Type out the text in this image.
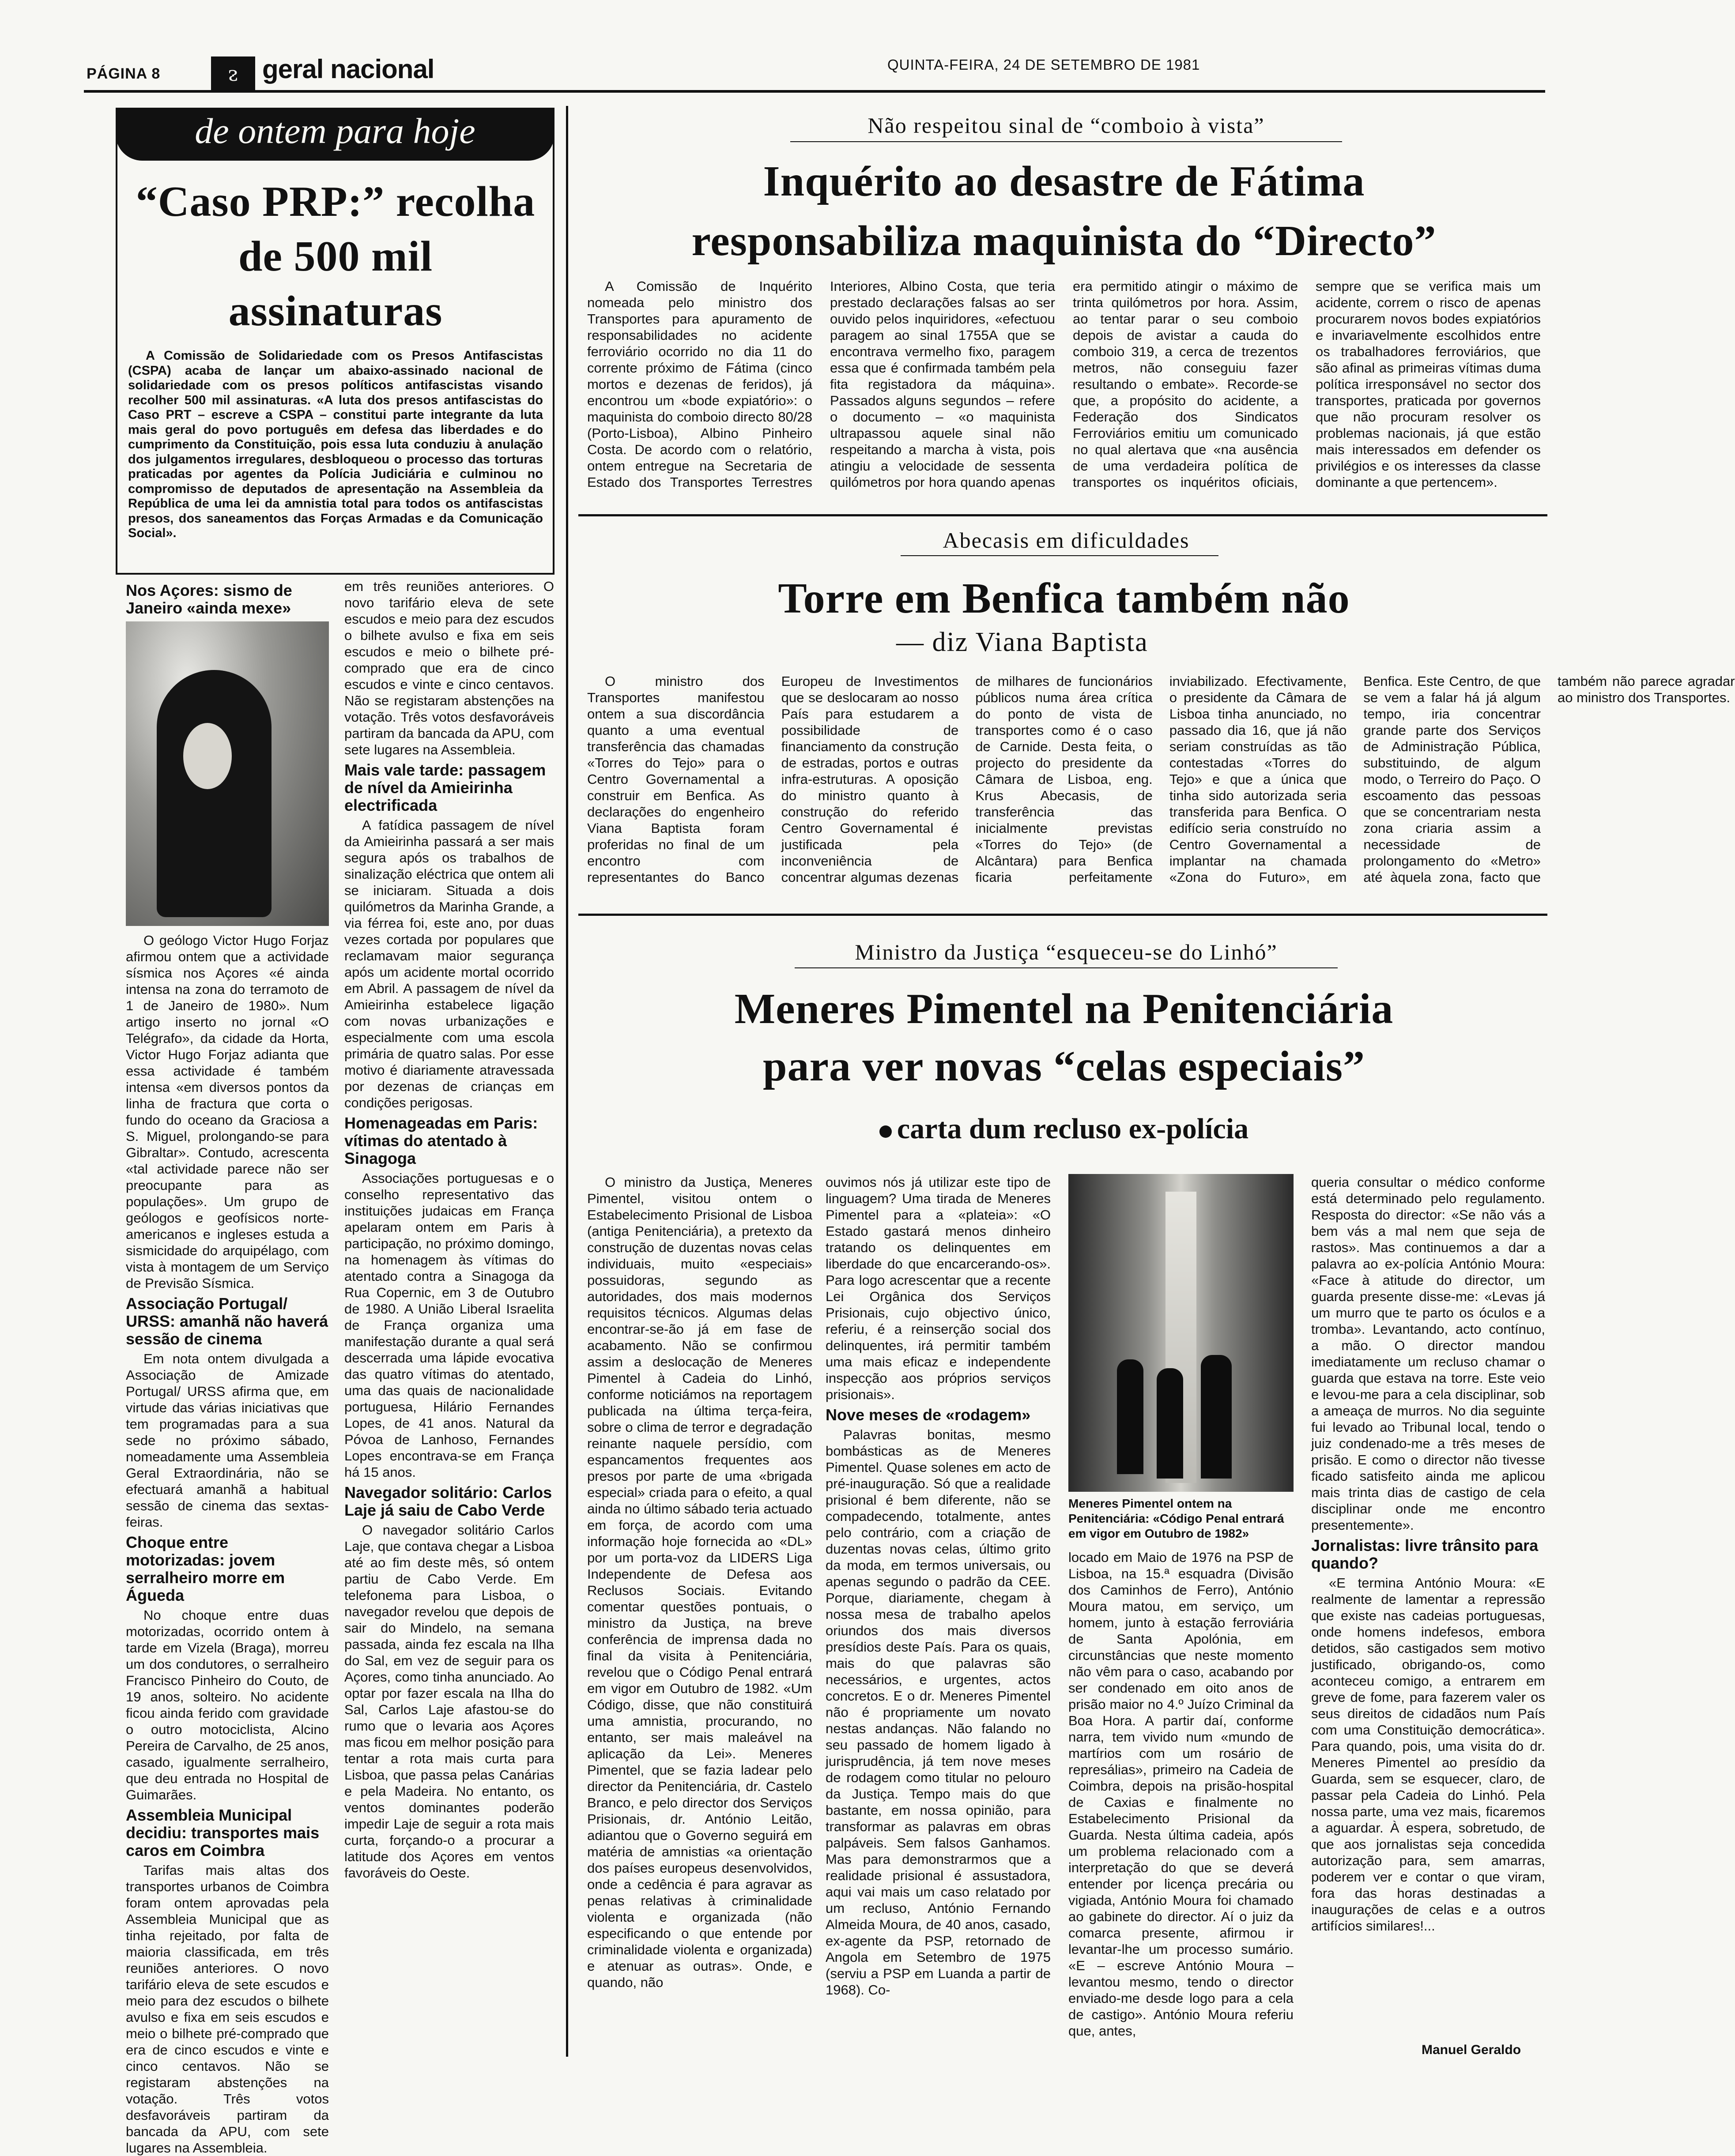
PÁGINA 8	ᴤ geral nacional	QUINTA-FEIRA, 24 DE SETEMBRO DE 1981
de ontem para hoje
“Caso PRP:” recolha de 500 mil assinaturas
A Comissão de Solidariedade com os Presos Antifascistas (CSPA) acaba de lançar um abaixo-assinado nacional de solidariedade com os presos políticos antifascistas visando recolher 500 mil assinaturas. «A luta dos presos antifascistas do Caso PRT – escreve a CSPA – constitui parte integrante da luta mais geral do povo português em defesa das liberdades e do cumprimento da Constituição, pois essa luta conduziu à anulação dos julgamentos irregulares, desbloqueou o processo das torturas praticadas por agentes da Polícia Judiciária e culminou no compromisso de deputados de apresentação na Assembleia da República de uma lei da amnistia total para todos os antifascistas presos, dos saneamentos das Forças Armadas e da Comunicação Social».
Nos Açores: sismo de Janeiro «ainda mexe»

O geólogo Victor Hugo Forjaz afirmou ontem que a actividade sísmica nos Açores «é ainda intensa na zona do terramoto de 1 de Janeiro de 1980». Num artigo inserto no jornal «O Telégrafo», da cidade da Horta, Victor Hugo Forjaz adianta que essa actividade é também intensa «em diversos pontos da linha de fractura que corta o fundo do oceano da Graciosa a S. Miguel, prolongando-se para Gibraltar». Contudo, acrescenta «tal actividade parece não ser preocupante para as populações». Um grupo de geólogos e geofísicos norte-americanos e ingleses estuda a sismicidade do arquipélago, com vista à montagem de um Serviço de Previsão Sísmica.

Associação Portugal/ URSS: amanhã não haverá sessão de cinema

Em nota ontem divulgada a Associação de Amizade Portugal/ URSS afirma que, em virtude das várias iniciativas que tem programadas para a sua sede no próximo sábado, nomeadamente uma Assembleia Geral Extraordinária, não se efectuará amanhã a habitual sessão de cinema das sextas-feiras.

Choque entre motorizadas: jovem serralheiro morre em Águeda

No choque entre duas motorizadas, ocorrido ontem à tarde em Vizela (Braga), morreu um dos condutores, o serralheiro Francisco Pinheiro do Couto, de 19 anos, solteiro. No acidente ficou ainda ferido com gravidade o outro motociclista, Alcino Pereira de Carvalho, de 25 anos, casado, igualmente serralheiro, que deu entrada no Hospital de Guimarães.

Assembleia Municipal decidiu: transportes mais caros em Coimbra

Tarifas mais altas dos transportes urbanos de Coimbra foram ontem aprovadas pela Assembleia Municipal que as tinha rejeitado, por falta de maioria classificada, em três reuniões anteriores. O novo tarifário eleva de sete escudos e meio para dez escudos o bilhete avulso e fixa em seis escudos e meio o bilhete pré-comprado que era de cinco escudos e vinte e cinco centavos. Não se registaram abstenções na votação. Três votos desfavoráveis partiram da bancada da APU, com sete lugares na Assembleia.

em três reuniões anteriores. O novo tarifário eleva de sete escudos e meio para dez escudos o bilhete avulso e fixa em seis escudos e meio o bilhete pré-comprado que era de cinco escudos e vinte e cinco centavos. Não se registaram abstenções na votação. Três votos desfavoráveis partiram da bancada da APU, com sete lugares na Assembleia.

Mais vale tarde: passagem de nível da Amieirinha electrificada

A fatídica passagem de nível da Amieirinha passará a ser mais segura após os trabalhos de sinalização eléctrica que ontem ali se iniciaram. Situada a dois quilómetros da Marinha Grande, a via férrea foi, este ano, por duas vezes cortada por populares que reclamavam maior segurança após um acidente mortal ocorrido em Abril. A passagem de nível da Amieirinha estabelece ligação com novas urbanizações e especialmente com uma escola primária de quatro salas. Por esse motivo é diariamente atravessada por dezenas de crianças em condições perigosas.

Homenageadas em Paris: vítimas do atentado à Sinagoga

Associações portuguesas e o conselho representativo das instituições judaicas em França apelaram ontem em Paris à participação, no próximo domingo, na homenagem às vítimas do atentado contra a Sinagoga da Rua Copernic, em 3 de Outubro de 1980. A União Liberal Israelita de França organiza uma manifestação durante a qual será descerrada uma lápide evocativa das quatro vítimas do atentado, uma das quais de nacionalidade portuguesa, Hilário Fernandes Lopes, de 41 anos. Natural da Póvoa de Lanhoso, Fernandes Lopes encontrava-se em França há 15 anos.

Navegador solitário: Carlos Laje já saiu de Cabo Verde

O navegador solitário Carlos Laje, que contava chegar a Lisboa até ao fim deste mês, só ontem partiu de Cabo Verde. Em telefonema para Lisboa, o navegador revelou que depois de sair do Mindelo, na semana passada, ainda fez escala na Ilha do Sal, em vez de seguir para os Açores, como tinha anunciado. Ao optar por fazer escala na Ilha do Sal, Carlos Laje afastou-se do rumo que o levaria aos Açores mas ficou em melhor posição para tentar a rota mais curta para Lisboa, que passa pelas Canárias e pela Madeira. No entanto, os ventos dominantes poderão impedir Laje de seguir a rota mais curta, forçando-o a procurar a latitude dos Açores em ventos favoráveis do Oeste.

Não respeitou sinal de “comboio à vista”
Inquérito ao desastre de Fátima
responsabiliza maquinista do “Directo”
A Comissão de Inquérito nomeada pelo ministro dos Transportes para apuramento de responsabilidades no acidente ferroviário ocorrido no dia 11 do corrente próximo de Fátima (cinco mortos e dezenas de feridos), já encontrou um «bode expiatório»: o maquinista do comboio directo 80/28 (Porto-Lisboa), Albino Pinheiro Costa. De acordo com o relatório, ontem entregue na Secretaria de Estado dos Transportes Terrestres Interiores, Albino Costa, que teria prestado declarações falsas ao ser ouvido pelos inquiridores, «efectuou paragem ao sinal 1755A que se encontrava vermelho fixo, paragem essa que é confirmada também pela fita registadora da máquina». Passados alguns segundos – refere o documento – «o maquinista ultrapassou aquele sinal não respeitando a marcha à vista, pois atingiu a velocidade de sessenta quilómetros por hora quando apenas era permitido atingir o máximo de trinta quilómetros por hora. Assim, ao tentar parar o seu comboio depois de avistar a cauda do comboio 319, a cerca de trezentos metros, não conseguiu fazer resultando o embate». Recorde-se que, a propósito do acidente, a Federação dos Sindicatos Ferroviários emitiu um comunicado no qual alertava que «na ausência de uma verdadeira política de transportes os inquéritos oficiais, sempre que se verifica mais um acidente, correm o risco de apenas procurarem novos bodes expiatórios e invariavelmente escolhidos entre os trabalhadores ferroviários, que são afinal as primeiras vítimas duma política irresponsável no sector dos transportes, praticada por governos que não procuram resolver os problemas nacionais, já que estão mais interessados em defender os privilégios e os interesses da classe dominante a que pertencem».
Abecasis em dificuldades
Torre em Benfica também não
— diz Viana Baptista
O ministro dos Transportes manifestou ontem a sua discordância quanto a uma eventual transferência das chamadas «Torres do Tejo» para o Centro Governamental a construir em Benfica. As declarações do engenheiro Viana Baptista foram proferidas no final de um encontro com representantes do Banco Europeu de Investimentos que se deslocaram ao nosso País para estudarem a possibilidade de financiamento da construção de estradas, portos e outras infra-estruturas. A oposição do ministro quanto à construção do referido Centro Governamental é justificada pela inconveniência de concentrar algumas dezenas de milhares de funcionários públicos numa área crítica do ponto de vista de transportes como é o caso de Carnide. Desta feita, o projecto do presidente da Câmara de Lisboa, eng. Krus Abecasis, de transferência das inicialmente previstas «Torres do Tejo» (de Alcântara) para Benfica ficaria perfeitamente inviabilizado. Efectivamente, o presidente da Câmara de Lisboa tinha anunciado, no passado dia 16, que já não seriam construídas as tão contestadas «Torres do Tejo» e que a única que tinha sido autorizada seria transferida para Benfica. O edifício seria construído no Centro Governamental a implantar na chamada «Zona do Futuro», em Benfica. Este Centro, de que se vem a falar há já algum tempo, iria concentrar grande parte dos Serviços de Administração Pública, substituindo, de algum modo, o Terreiro do Paço. O escoamento das pessoas que se concentrariam nesta zona criaria assim a necessidade de prolongamento do «Metro» até àquela zona, facto que também não parece agradar ao ministro dos Transportes.
Ministro da Justiça “esqueceu-se do Linhó”
Meneres Pimentel na Penitenciária
para ver novas “celas especiais”
carta dum recluso ex-polícia
O ministro da Justiça, Meneres Pimentel, visitou ontem o Estabelecimento Prisional de Lisboa (antiga Penitenciária), a pretexto da construção de duzentas novas celas individuais, muito «especiais» possuidoras, segundo as autoridades, dos mais modernos requisitos técnicos. Algumas delas encontrar-se-ão já em fase de acabamento. Não se confirmou assim a deslocação de Meneres Pimentel à Cadeia do Linhó, conforme noticiámos na reportagem publicada na última terça-feira, sobre o clima de terror e degradação reinante naquele persídio, com espancamentos frequentes aos presos por parte de uma «brigada especial» criada para o efeito, a qual ainda no último sábado teria actuado em força, de acordo com uma informação hoje fornecida ao «DL» por um porta-voz da LIDERS Liga Independente de Defesa aos Reclusos Sociais. Evitando comentar questões pontuais, o ministro da Justiça, na breve conferência de imprensa dada no final da visita à Penitenciária, revelou que o Código Penal entrará em vigor em Outubro de 1982. «Um Código, disse, que não constituirá uma amnistia, procurando, no entanto, ser mais maleável na aplicação da Lei». Meneres Pimentel, que se fazia ladear pelo director da Penitenciária, dr. Castelo Branco, e pelo director dos Serviços Prisionais, dr. António Leitão, adiantou que o Governo seguirá em matéria de amnistias «a orientação dos países europeus desenvolvidos, onde a cedência é para agravar as penas relativas à criminalidade violenta e organizada (não especificando o que entende por criminalidade violenta e organizada) e atenuar as outras». Onde, e quando, não

ouvimos nós já utilizar este tipo de linguagem? Uma tirada de Meneres Pimentel para a «plateia»: «O Estado gastará menos dinheiro tratando os delinquentes em liberdade do que encarcerando-os». Para logo acrescentar que a recente Lei Orgânica dos Serviços Prisionais, cujo objectivo único, referiu, é a reinserção social dos delinquentes, irá permitir também uma mais eficaz e independente inspecção aos próprios serviços prisionais».

Nove meses de «rodagem»

Palavras bonitas, mesmo bombásticas as de Meneres Pimentel. Quase solenes em acto de pré-inauguração. Só que a realidade prisional é bem diferente, não se compadecendo, totalmente, antes pelo contrário, com a criação de duzentas novas celas, último grito da moda, em termos universais, ou apenas segundo o padrão da CEE. Porque, diariamente, chegam à nossa mesa de trabalho apelos oriundos dos mais diversos presídios deste País. Para os quais, mais do que palavras são necessários, e urgentes, actos concretos. E o dr. Meneres Pimentel não é propriamente um novato nestas andanças. Não falando no seu passado de homem ligado à jurisprudência, já tem nove meses de rodagem como titular no pelouro da Justiça. Tempo mais do que bastante, em nossa opinião, para transformar as palavras em obras palpáveis. Sem falsos Ganhamos. Mas para demonstrarmos que a realidade prisional é assustadora, aqui vai mais um caso relatado por um recluso, António Fernando Almeida Moura, de 40 anos, casado, ex-agente da PSP, retornado de Angola em Setembro de 1975 (serviu a PSP em Luanda a partir de 1968). Co-

Meneres Pimentel ontem na Penitenciária: «Código Penal entrará em vigor em Outubro de 1982»
locado em Maio de 1976 na PSP de Lisboa, na 15.ª esquadra (Divisão dos Caminhos de Ferro), António Moura matou, em serviço, um homem, junto à estação ferroviária de Santa Apolónia, em circunstâncias que neste momento não vêm para o caso, acabando por ser condenado em oito anos de prisão maior no 4.º Juízo Criminal da Boa Hora. A partir daí, conforme narra, tem vivido num «mundo de martírios com um rosário de represálias», primeiro na Cadeia de Coimbra, depois na prisão-hospital de Caxias e finalmente no Estabelecimento Prisional da Guarda. Nesta última cadeia, após um problema relacionado com a interpretação do que se deverá entender por licença precária ou vigiada, António Moura foi chamado ao gabinete do director. Aí o juiz da comarca presente, afirmou ir levantar-lhe um processo sumário. «E – escreve António Moura – levantou mesmo, tendo o director enviado-me desde logo para a cela de castigo». António Moura referiu que, antes,

queria consultar o médico conforme está determinado pelo regulamento. Resposta do director: «Se não vás a bem vás a mal nem que seja de rastos». Mas continuemos a dar a palavra ao ex-polícia António Moura: «Face à atitude do director, um guarda presente disse-me: «Levas já um murro que te parto os óculos e a tromba». Levantando, acto contínuo, a mão. O director mandou imediatamente um recluso chamar o guarda que estava na torre. Este veio e levou-me para a cela disciplinar, sob a ameaça de murros. No dia seguinte fui levado ao Tribunal local, tendo o juiz condenado-me a três meses de prisão. E como o director não tivesse ficado satisfeito ainda me aplicou mais trinta dias de castigo de cela disciplinar onde me encontro presentemente».

Jornalistas: livre trânsito para quando?

«E termina António Moura: «E realmente de lamentar a repressão que existe nas cadeias portuguesas, onde homens indefesos, embora detidos, são castigados sem motivo justificado, obrigando-os, como aconteceu comigo, a entrarem em greve de fome, para fazerem valer os seus direitos de cidadãos num País com uma Constituição democrática». Para quando, pois, uma visita do dr. Meneres Pimentel ao presídio da Guarda, sem se esquecer, claro, de passar pela Cadeia do Linhó. Pela nossa parte, uma vez mais, ficaremos a aguardar. À espera, sobretudo, de que aos jornalistas seja concedida autorização para, sem amarras, poderem ver e contar o que viram, fora das horas destinadas a inaugurações de celas e a outros artifícios similares!...

Manuel Geraldo
